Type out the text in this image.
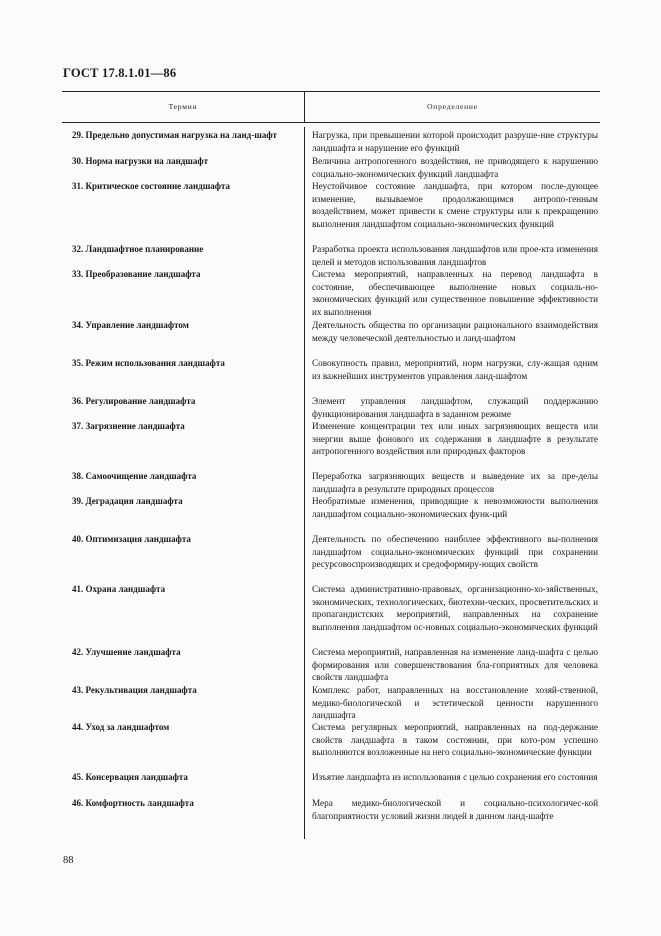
ГОСТ 17.8.1.01—86
Термин	Определение
29. Предельно допустимая нагрузка на ланд-шафт	Нагрузка, при превышении которой происходит разруше-ние структуры ландшафта и нарушение его функций
30. Норма нагрузки на ландшафт	Величина антропогенного воздействия, не приводящего к нарушению социально-экономических функций ландшафта
31. Критическое состояние ландшафта	Неустойчивое состояние ландшафта, при котором после-дующее изменение, вызываемое продолжающимся антропо-генным воздействием, может привести к смене структуры или к прекращению выполнения ландшафтом социально-экономических функций
32. Ландшафтное планирование	Разработка проекта использования ландшафтов или прое-кта изменения целей и методов использования ландшафтов
33. Преобразование ландшафта	Система мероприятий, направленных на перевод ландшафта в состояние, обеспечивающее выполнение новых социаль-но-экономических функций или существенное повышение эффективности их выполнения
34. Управление ландшафтом	Деятельность общества по организации рационального взаимодействия между человеческой деятельностью и ланд-шафтом
35. Режим использования ландшафта	Совокупность правил, мероприятий, норм нагрузки, слу-жащая одним из важнейших инструментов управления ланд-шафтом
36. Регулирование ландшафта	Элемент управления ландшафтом, служащий поддержанию функционирования ландшафта в заданном режиме
37. Загрязнение ландшафта	Изменение концентрации тех или иных загрязняющих веществ или энергии выше фонового их содержания в ландшафте в результате антропогенного воздействия или природных факторов
38. Самоочищение ландшафта	Переработка загрязняющих веществ и выведение их за пре-делы ландшафта в результате природных процессов
39. Деградация ландшафта	Необратимые изменения, приводящие к невозможности выполнения ландшафтом социально-экономических функ-ций
40. Оптимизация ландшафта	Деятельность по обеспечению наиболее эффективного вы-полнения ландшафтом социально-экономических функций при сохранении ресурсовоспроизводящих и средоформиру-ющих свойств
41. Охрана ландшафта	Система административно-правовых, организационно-хо-зяйственных, экономических, технологических, биотехни-ческих, просветительских и пропагандистских мероприятий, направленных на сохранение выполнения ландшафтом ос-новных социально-экономических функций
42. Улучшение ландшафта	Система мероприятий, направленная на изменение ланд-шафта с целью формирования или совершенствования бла-гоприятных для человека свойств ландшафта
43. Рекультивация ландшафта	Комплекс работ, направленных на восстановление хозяй-ственной, медико-биологической и эстетической ценности нарушенного ландшафта
44. Уход за ландшафтом	Система регулярных мероприятий, направленных на под-держание свойств ландшафта в таком состоянии, при кото-ром успешно выполняются возложенные на него социально-экономические функции
45. Консервация ландшафта	Изъятие ландшафта из использования с целью сохранения его состояния
46. Комфортность ландшафта	Мера медико-биологической и социально-психологичес-кой благоприятности условий жизни людей в данном ланд-шафте
88
